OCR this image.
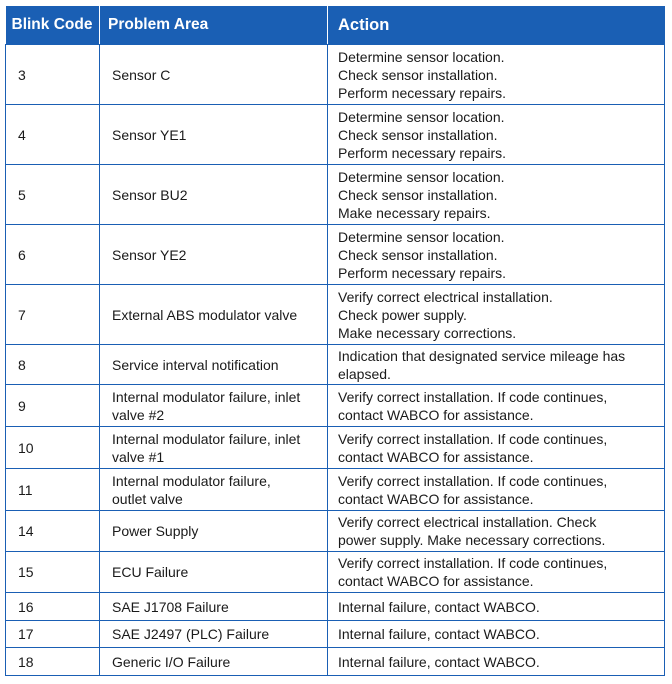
Blink Code	Problem Area	Action
3	Sensor C	Determine sensor location.
Check sensor installation.
Perform necessary repairs.

4	Sensor YE1	Determine sensor location.
Check sensor installation.
Perform necessary repairs.

5	Sensor BU2	Determine sensor location.
Check sensor installation.
Make necessary repairs.

6	Sensor YE2	Determine sensor location.
Check sensor installation.
Perform necessary repairs.

7	External ABS modulator valve	Verify correct electrical installation.
Check power supply.
Make necessary corrections.

8	Service interval notification	Indication that designated service mileage has
elapsed.

9	Internal modulator failure, inlet
valve #2	Verify correct installation. If code continues,
contact WABCO for assistance.

10	Internal modulator failure, inlet
valve #1	Verify correct installation. If code continues,
contact WABCO for assistance.

11	Internal modulator failure,
outlet valve	Verify correct installation. If code continues,
contact WABCO for assistance.

14	Power Supply	Verify correct electrical installation. Check
power supply. Make necessary corrections.

15	ECU Failure	Verify correct installation. If code continues,
contact WABCO for assistance.

16	SAE J1708 Failure	Internal failure, contact WABCO.

17	SAE J2497 (PLC) Failure	Internal failure, contact WABCO.

18	Generic I/O Failure	Internal failure, contact WABCO.
